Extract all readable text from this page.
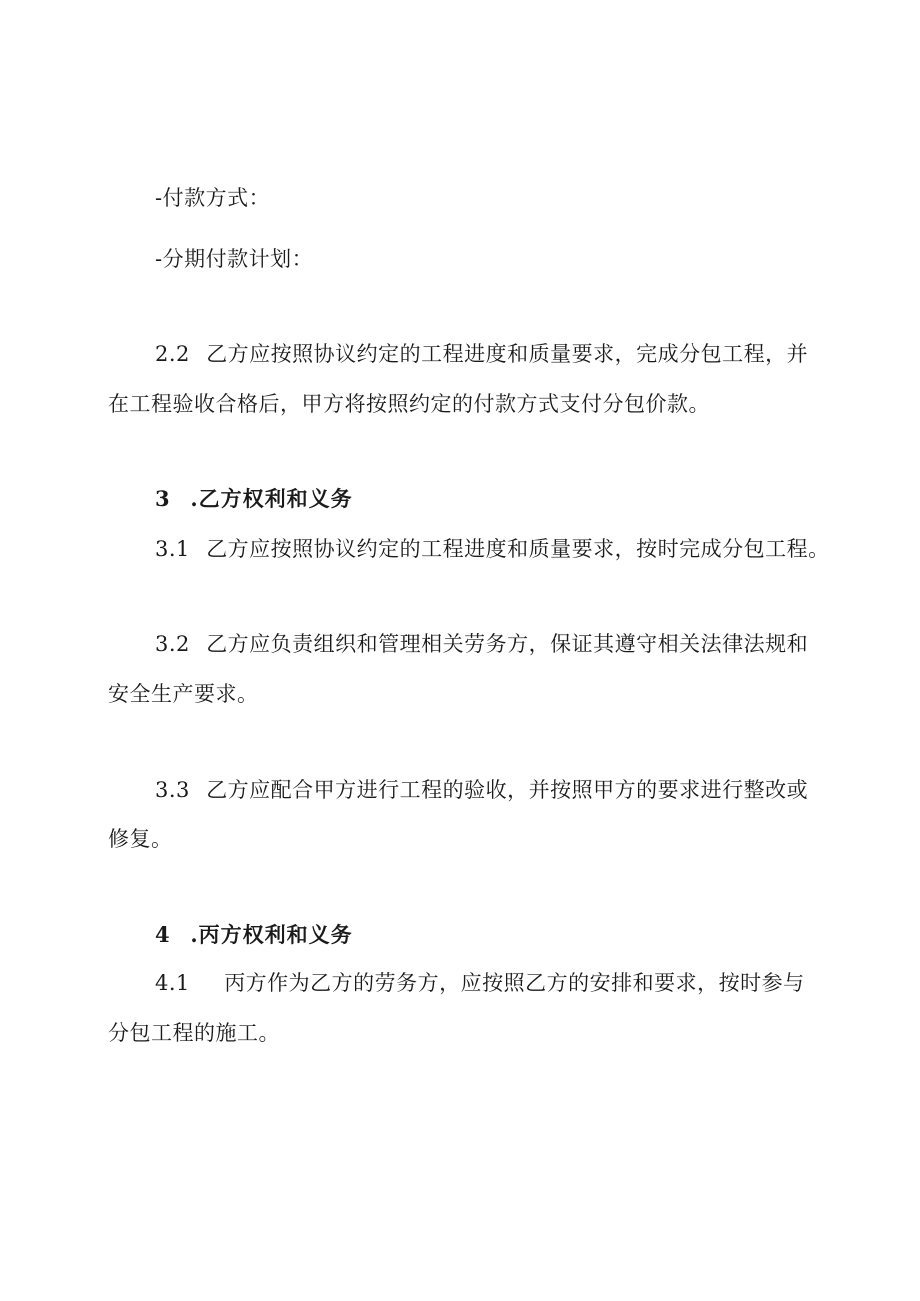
-付款方式：
-分期付款计划：
2.2 乙方应按照协议约定的工程进度和质量要求，完成分包工程，并
在工程验收合格后，甲方将按照约定的付款方式支付分包价款。
3 .乙方权利和义务
3.1 乙方应按照协议约定的工程进度和质量要求，按时完成分包工程。
3.2 乙方应负责组织和管理相关劳务方，保证其遵守相关法律法规和
安全生产要求。
3.3 乙方应配合甲方进行工程的验收，并按照甲方的要求进行整改或
修复。
4 .丙方权利和义务
4.1 丙方作为乙方的劳务方，应按照乙方的安排和要求，按时参与
分包工程的施工。
